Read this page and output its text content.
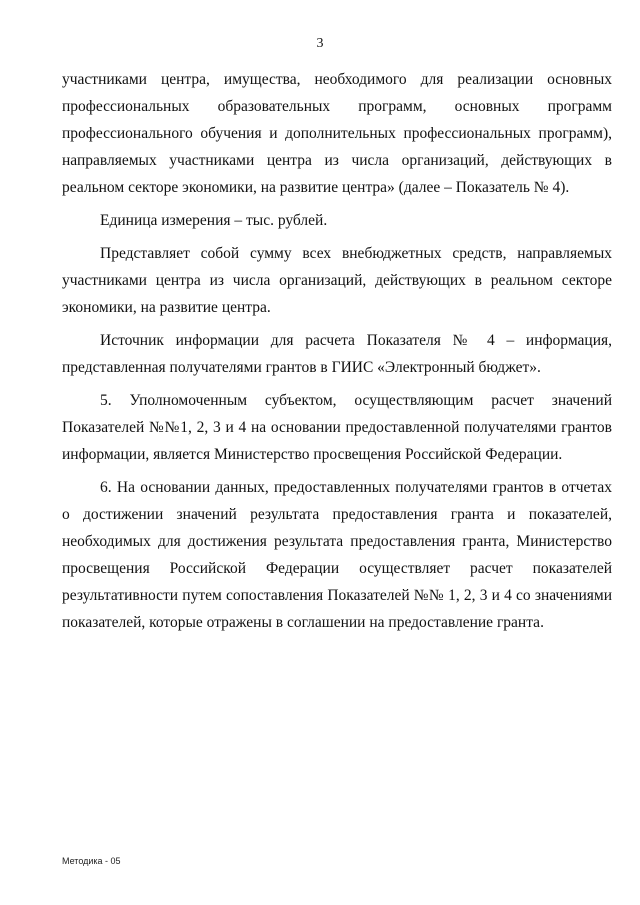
3

участниками центра, имущества, необходимого для реализации основных профессиональных образовательных программ, основных программ профессионального обучения и дополнительных профессиональных программ), направляемых участниками центра из числа организаций, действующих в реальном секторе экономики, на развитие центра» (далее – Показатель № 4).

Единица измерения – тыс. рублей.

Представляет собой сумму всех внебюджетных средств, направляемых участниками центра из числа организаций, действующих в реальном секторе экономики, на развитие центра.

Источник информации для расчета Показателя № 4 – информация, представленная получателями грантов в ГИИС «Электронный бюджет».

5. Уполномоченным субъектом, осуществляющим расчет значений Показателей №№1, 2, 3 и 4 на основании предоставленной получателями грантов информации, является Министерство просвещения Российской Федерации.

6. На основании данных, предоставленных получателями грантов в отчетах о достижении значений результата предоставления гранта и показателей, необходимых для достижения результата предоставления гранта, Министерство просвещения Российской Федерации осуществляет расчет показателей результативности путем сопоставления Показателей №№ 1, 2, 3 и 4 со значениями показателей, которые отражены в соглашении на предоставление гранта.

Методика - 05
